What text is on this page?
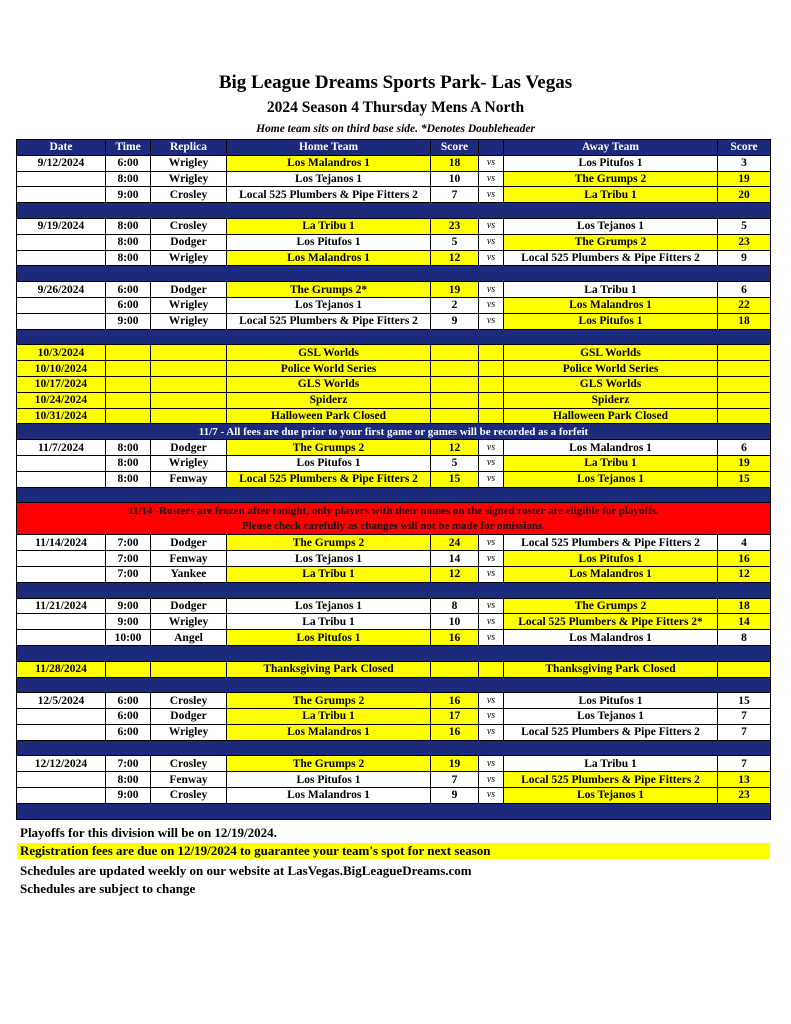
Big League Dreams Sports Park- Las Vegas
2024 Season 4 Thursday Mens A North
Home team sits on third base side. *Denotes Doubleheader
Date	Time	Replica	Home Team	Score		Away Team	Score
9/12/2024	6:00	Wrigley	Los Malandros 1	18	vs	Los Pitufos 1	3
	8:00	Wrigley	Los Tejanos 1	10	vs	The Grumps 2	19
	9:00	Crosley	Local 525 Plumbers & Pipe Fitters 2	7	vs	La Tribu 1	20

9/19/2024	8:00	Crosley	La Tribu 1	23	vs	Los Tejanos 1	5
	8:00	Dodger	Los Pitufos 1	5	vs	The Grumps 2	23
	8:00	Wrigley	Los Malandros 1	12	vs	Local 525 Plumbers & Pipe Fitters 2	9

9/26/2024	6:00	Dodger	The Grumps 2*	19	vs	La Tribu 1	6
	6:00	Wrigley	Los Tejanos 1	2	vs	Los Malandros 1	22
	9:00	Wrigley	Local 525 Plumbers & Pipe Fitters 2	9	vs	Los Pitufos 1	18

10/3/2024			GSL Worlds			GSL Worlds	
10/10/2024			Police World Series			Police World Series	
10/17/2024			GLS Worlds			GLS Worlds	
10/24/2024			Spiderz			Spiderz	
10/31/2024			Halloween Park Closed			Halloween Park Closed	
11/7 - All fees are due prior to your first game or games will be recorded as a forfeit							
11/7/2024	8:00	Dodger	The Grumps 2	12	vs	Los Malandros 1	6
	8:00	Wrigley	Los Pitufos 1	5	vs	La Tribu 1	19
	8:00	Fenway	Local 525 Plumbers & Pipe Fitters 2	15	vs	Los Tejanos 1	15

11/14 -Rosters are frozen after tonight, only players with their names on the signed roster are eligible for playoffs.
Please check carefully as changes will not be made for omissions.							

11/14/2024	7:00	Dodger	The Grumps 2	24	vs	Local 525 Plumbers & Pipe Fitters 2	4
	7:00	Fenway	Los Tejanos 1	14	vs	Los Pitufos 1	16
	7:00	Yankee	La Tribu 1	12	vs	Los Malandros 1	12

11/21/2024	9:00	Dodger	Los Tejanos 1	8	vs	The Grumps 2	18
	9:00	Wrigley	La Tribu 1	10	vs	Local 525 Plumbers & Pipe Fitters 2*	14
	10:00	Angel	Los Pitufos 1	16	vs	Los Malandros 1	8

11/28/2024			Thanksgiving Park Closed			Thanksgiving Park Closed	

12/5/2024	6:00	Crosley	The Grumps 2	16	vs	Los Pitufos 1	15
	6:00	Dodger	La Tribu 1	17	vs	Los Tejanos 1	7
	6:00	Wrigley	Los Malandros 1	16	vs	Local 525 Plumbers & Pipe Fitters 2	7

12/12/2024	7:00	Crosley	The Grumps 2	19	vs	La Tribu 1	7
	8:00	Fenway	Los Pitufos 1	7	vs	Local 525 Plumbers & Pipe Fitters 2	13
	9:00	Crosley	Los Malandros 1	9	vs	Los Tejanos 1	23

Playoffs for this division will be on 12/19/2024.
Registration fees are due on 12/19/2024 to guarantee your team's spot for next season
Schedules are updated weekly on our website at LasVegas.BigLeagueDreams.com
Schedules are subject to change
